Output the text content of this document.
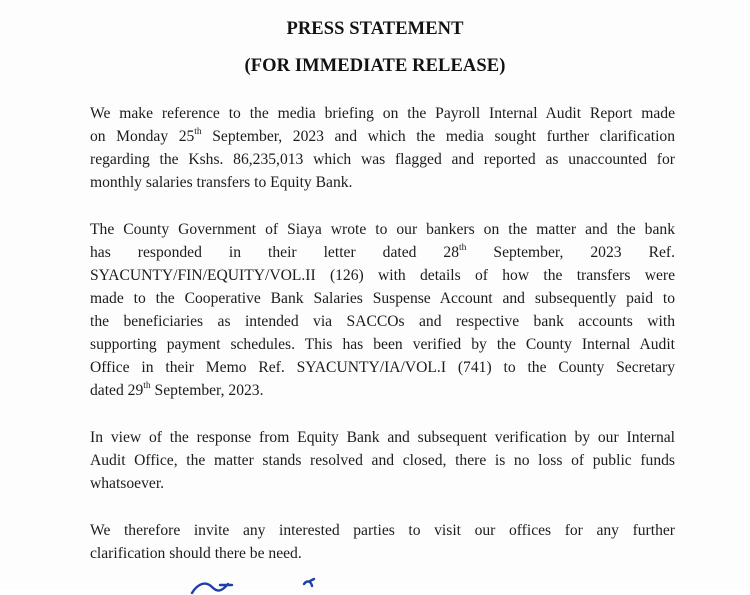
PRESS STATEMENT
(FOR IMMEDIATE RELEASE)
We make reference to the media briefing on the Payroll Internal Audit Report made
on Monday 25th September, 2023 and which the media sought further clarification
regarding the Kshs. 86,235,013 which was flagged and reported as unaccounted for
monthly salaries transfers to Equity Bank.
The County Government of Siaya wrote to our bankers on the matter and the bank
has responded in their letter dated 28th September, 2023 Ref.
SYACUNTY/FIN/EQUITY/VOL.II (126) with details of how the transfers were
made to the Cooperative Bank Salaries Suspense Account and subsequently paid to
the beneficiaries as intended via SACCOs and respective bank accounts with
supporting payment schedules. This has been verified by the County Internal Audit
Office in their Memo Ref. SYACUNTY/IA/VOL.I (741) to the County Secretary
dated 29th September, 2023.
In view of the response from Equity Bank and subsequent verification by our Internal
Audit Office, the matter stands resolved and closed, there is no loss of public funds
whatsoever.
We therefore invite any interested parties to visit our offices for any further
clarification should there be need.
